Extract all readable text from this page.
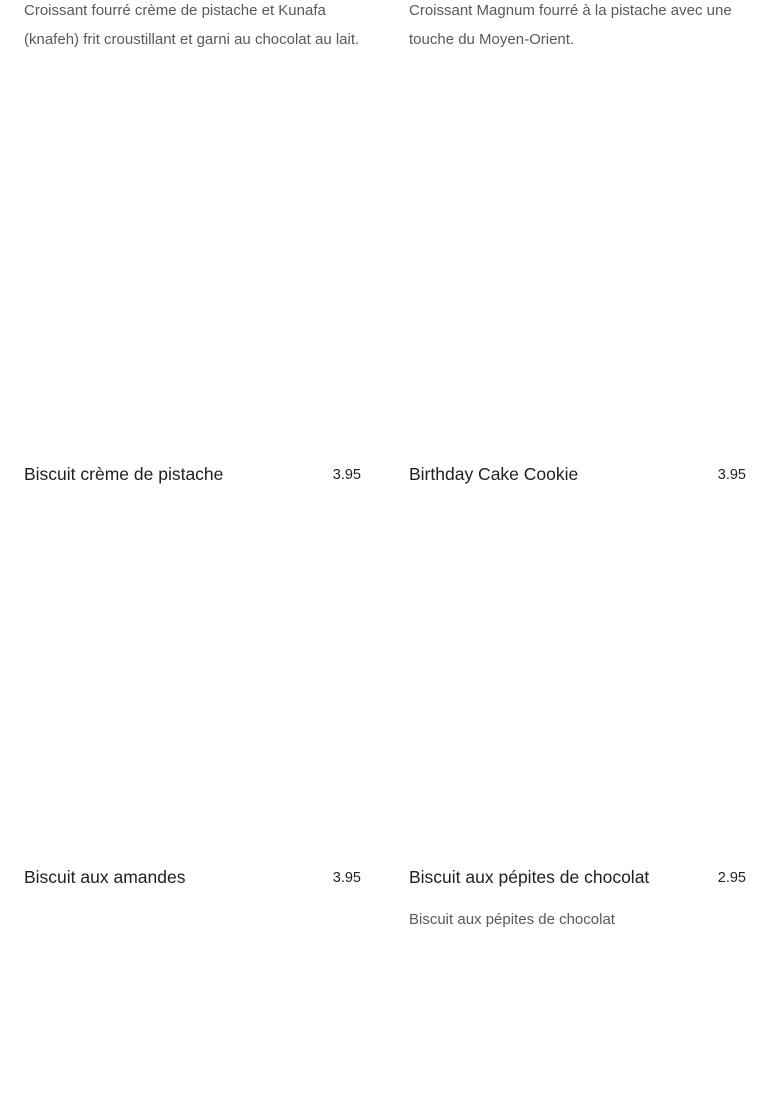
Croissant fourré crème de pistache et Kunafa (knafeh) frit croustillant et garni au chocolat au lait.

Croissant Magnum fourré à la pistache avec une touche du Moyen-Orient.

Biscuit crème de pistache	3.95	Birthday Cake Cookie	3.95
Biscuit aux amandes	3.95	Biscuit aux pépites de chocolat	2.95
Biscuit aux pépites de chocolat
